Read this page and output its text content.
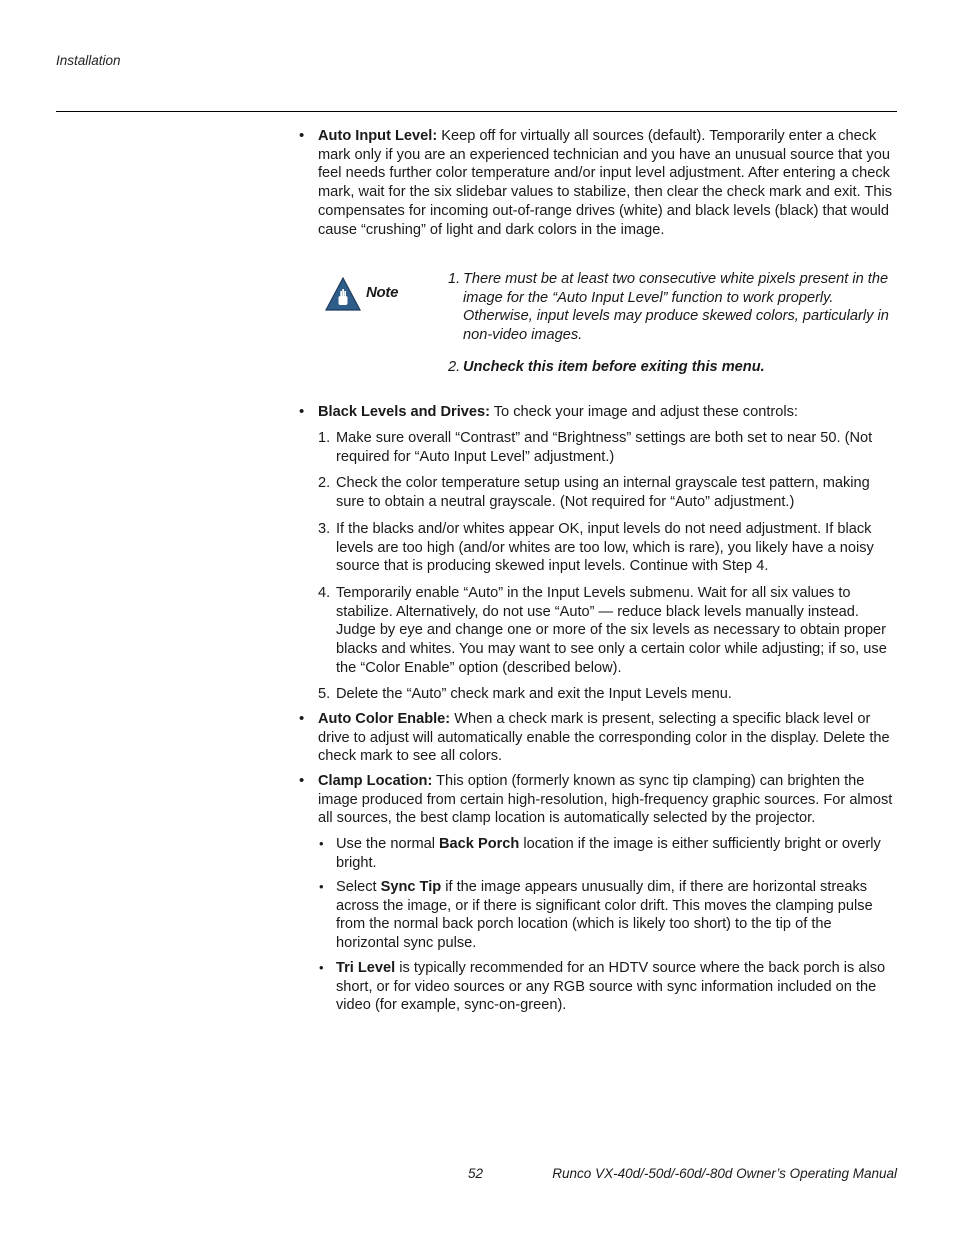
Installation
• Auto Input Level: Keep off for virtually all sources (default). Temporarily enter a check mark only if you are an experienced technician and you have an unusual source that you feel needs further color temperature and/or input level adjustment. After entering a check mark, wait for the six slidebar values to stabilize, then clear the check mark and exit. This compensates for incoming out-of-range drives (white) and black levels (black) that would cause “crushing” of light and dark colors in the image.
Note
1. There must be at least two consecutive white pixels present in the image for the “Auto Input Level” function to work properly. Otherwise, input levels may produce skewed colors, particularly in non-video images.
2. Uncheck this item before exiting this menu.
• Black Levels and Drives: To check your image and adjust these controls:
1. Make sure overall “Contrast” and “Brightness” settings are both set to near 50. (Not required for “Auto Input Level” adjustment.)
2. Check the color temperature setup using an internal grayscale test pattern, making sure to obtain a neutral grayscale. (Not required for “Auto” adjustment.)
3. If the blacks and/or whites appear OK, input levels do not need adjustment. If black levels are too high (and/or whites are too low, which is rare), you likely have a noisy source that is producing skewed input levels. Continue with Step 4.
4. Temporarily enable “Auto” in the Input Levels submenu. Wait for all six values to stabilize. Alternatively, do not use “Auto” — reduce black levels manually instead. Judge by eye and change one or more of the six levels as necessary to obtain proper blacks and whites. You may want to see only a certain color while adjusting; if so, use the “Color Enable” option (described below).
5. Delete the “Auto” check mark and exit the Input Levels menu.
• Auto Color Enable: When a check mark is present, selecting a specific black level or drive to adjust will automatically enable the corresponding color in the display. Delete the check mark to see all colors.
• Clamp Location: This option (formerly known as sync tip clamping) can brighten the image produced from certain high-resolution, high-frequency graphic sources. For almost all sources, the best clamp location is automatically selected by the projector.
• Use the normal Back Porch location if the image is either sufficiently bright or overly bright.
• Select Sync Tip if the image appears unusually dim, if there are horizontal streaks across the image, or if there is significant color drift. This moves the clamping pulse from the normal back porch location (which is likely too short) to the tip of the horizontal sync pulse.
• Tri Level is typically recommended for an HDTV source where the back porch is also short, or for video sources or any RGB source with sync information included on the video (for example, sync-on-green).
52	Runco VX-40d/-50d/-60d/-80d Owner’s Operating Manual
